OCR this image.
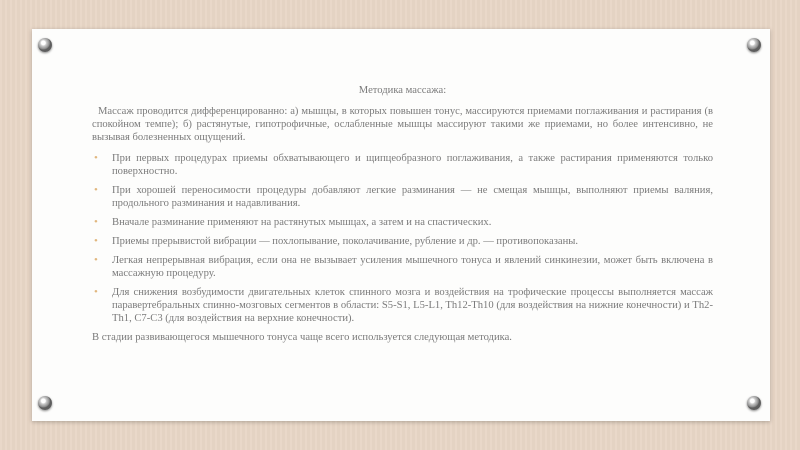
Методика массажа:

Массаж проводится дифференцированно: а) мышцы, в которых повышен тонус, массируются приемами поглаживания и растирания (в спокойном темпе); б) растянутые, гипотрофичные, ослабленные мышцы массируют такими же приемами, но более интенсивно, не вызывая болезненных ощущений.

• При первых процедурах приемы обхватывающего и щипцеобразного поглаживания, а также растирания применяются только поверхностно.
• При хорошей переносимости процедуры добавляют легкие разминания — не смещая мышцы, выполняют приемы валяния, продольного разминания и надавливания.
• Вначале разминание применяют на растянутых мышцах, а затем и на спастических.
• Приемы прерывистой вибрации — похлопывание, поколачивание, рубление и др. — противопоказаны.
• Легкая непрерывная вибрация, если она не вызывает усиления мышечного тонуса и явлений синкинезии, может быть включена в массажную процедуру.
• Для снижения возбудимости двигательных клеток спинного мозга и воздействия на трофические процессы выполняется массаж паравертебральных спинно-мозговых сегментов в области: S5-S1, L5-L1, Th12-Th10 (для воздействия на нижние конечности) и Th2-Th1, C7-C3 (для воздействия на верхние конечности).

В стадии развивающегося мышечного тонуса чаще всего используется следующая методика.
